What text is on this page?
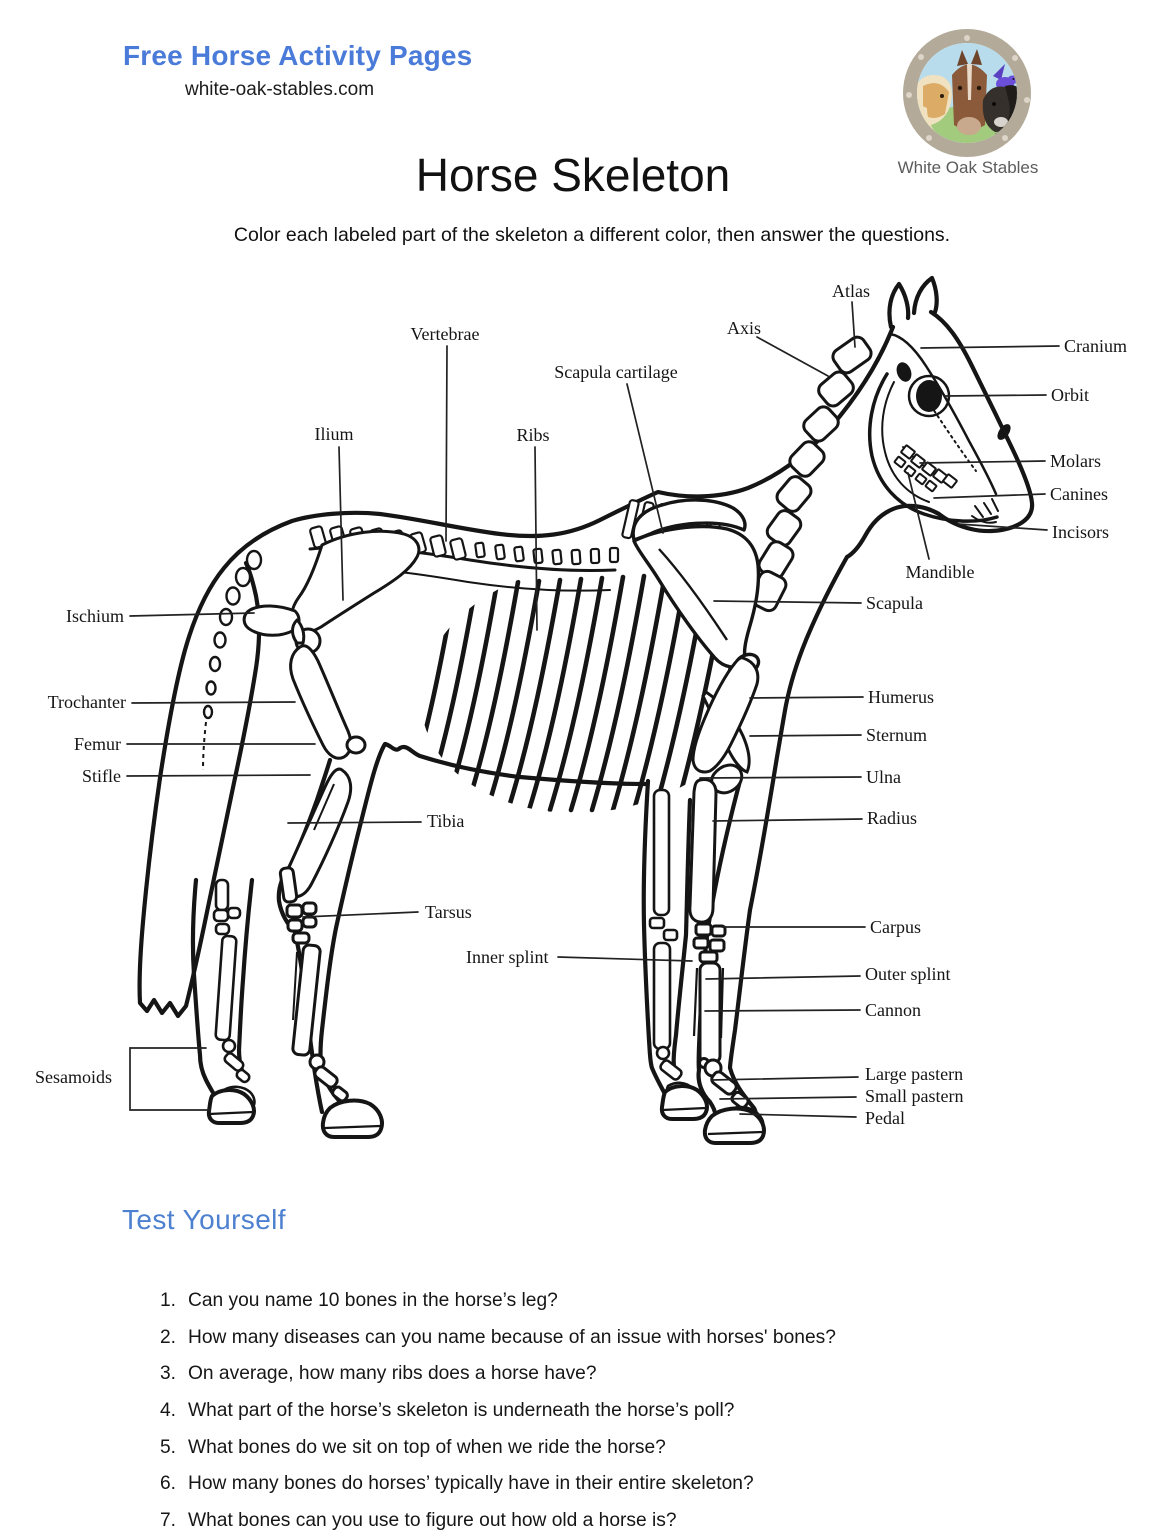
Free Horse Activity Pages
white-oak-stables.com
White Oak Stables
Horse Skeleton
Color each labeled part of the skeleton a different color, then answer the questions.
Atlas
Vertebrae	Axis
Scapula cartilage
Cranium
Orbit
Ilium	Ribs
Molars
Canines
Incisors
Mandible
Scapula
Ischium
Humerus
Sternum
Trochanter
Ulna
Femur
Stifle
Radius
Tibia
Tarsus
Carpus
Inner splint
Outer splint
Cannon
Sesamoids	Large pastern
Small pastern
Pedal
Test Yourself
1. Can you name 10 bones in the horse’s leg?
2. How many diseases can you name because of an issue with horses' bones?
3. On average, how many ribs does a horse have?
4. What part of the horse’s skeleton is underneath the horse’s poll?
5. What bones do we sit on top of when we ride the horse?
6. How many bones do horses’ typically have in their entire skeleton?
7. What bones can you use to figure out how old a horse is?
